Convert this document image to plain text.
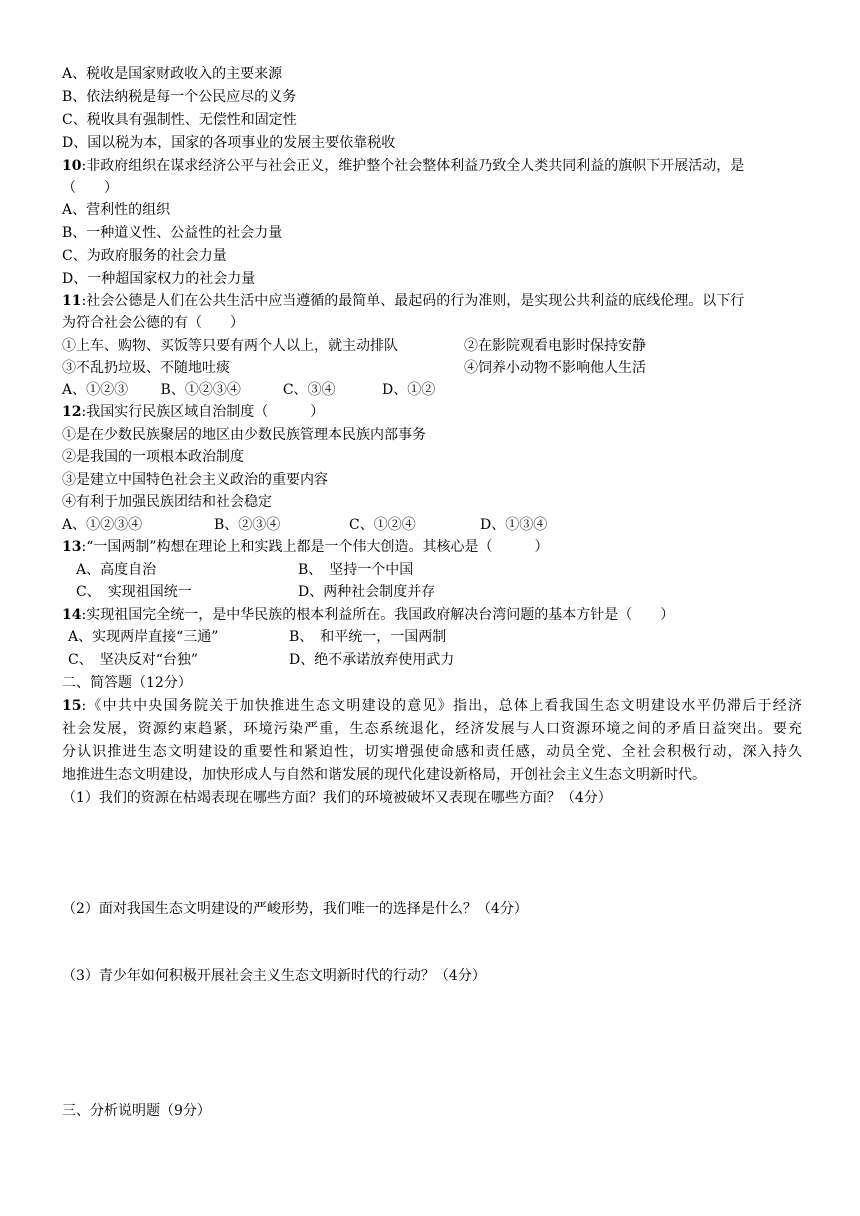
A、税收是国家财政收入的主要来源
B、依法纳税是每一个公民应尽的义务
C、税收具有强制性、无偿性和固定性
D、国以税为本，国家的各项事业的发展主要依靠税收
10:非政府组织在谋求经济公平与社会正义，维护整个社会整体利益乃致全人类共同利益的旗帜下开展活动，是
（　　）
A、营利性的组织
B、一种道义性、公益性的社会力量
C、为政府服务的社会力量
D、一种超国家权力的社会力量
11:社会公德是人们在公共生活中应当遵循的最简单、最起码的行为准则，是实现公共利益的底线伦理。以下行
为符合社会公德的有（　　）
①上车、购物、买饭等只要有两个人以上，就主动排队	②在影院观看电影时保持安静
③不乱扔垃圾、不随地吐痰	④饲养小动物不影响他人生活
A、①②③　　 B、①②③④　　　C、③④　　　 D、①②
12:我国实行民族区域自治制度（　　　）
①是在少数民族聚居的地区由少数民族管理本民族内部事务
②是我国的一项根本政治制度
③是建立中国特色社会主义政治的重要内容
④有利于加强民族团结和社会稳定
A、①②③④	B、②③④	C、①②④	D、①③④
13:“一国两制”构想在理论上和实践上都是一个伟大创造。其核心是（　　　）
A、高度自治	B、　坚持一个中国
C、　实现祖国统一	D、两种社会制度并存
14:实现祖国完全统一，是中华民族的根本利益所在。我国政府解决台湾问题的基本方针是（　　）
A、实现两岸直接“三通”	B、　和平统一，一国两制
C、　坚决反对“台独”	D、绝不承诺放弃使用武力
二、简答题（12分）
15:《中共中央国务院关于加快推进生态文明建设的意见》指出，总体上看我国生态文明建设水平仍滞后于经济
社会发展，资源约束趋紧，环境污染严重，生态系统退化，经济发展与人口资源环境之间的矛盾日益突出。要充
分认识推进生态文明建设的重要性和紧迫性，切实增强使命感和责任感，动员全党、全社会积极行动，深入持久
地推进生态文明建设，加快形成人与自然和谐发展的现代化建设新格局，开创社会主义生态文明新时代。
（1）我们的资源在枯竭表现在哪些方面？我们的环境被破坏又表现在哪些方面？（4分）
（2）面对我国生态文明建设的严峻形势，我们唯一的选择是什么？（4分）
（3）青少年如何积极开展社会主义生态文明新时代的行动？（4分）
三、分析说明题（9分）
